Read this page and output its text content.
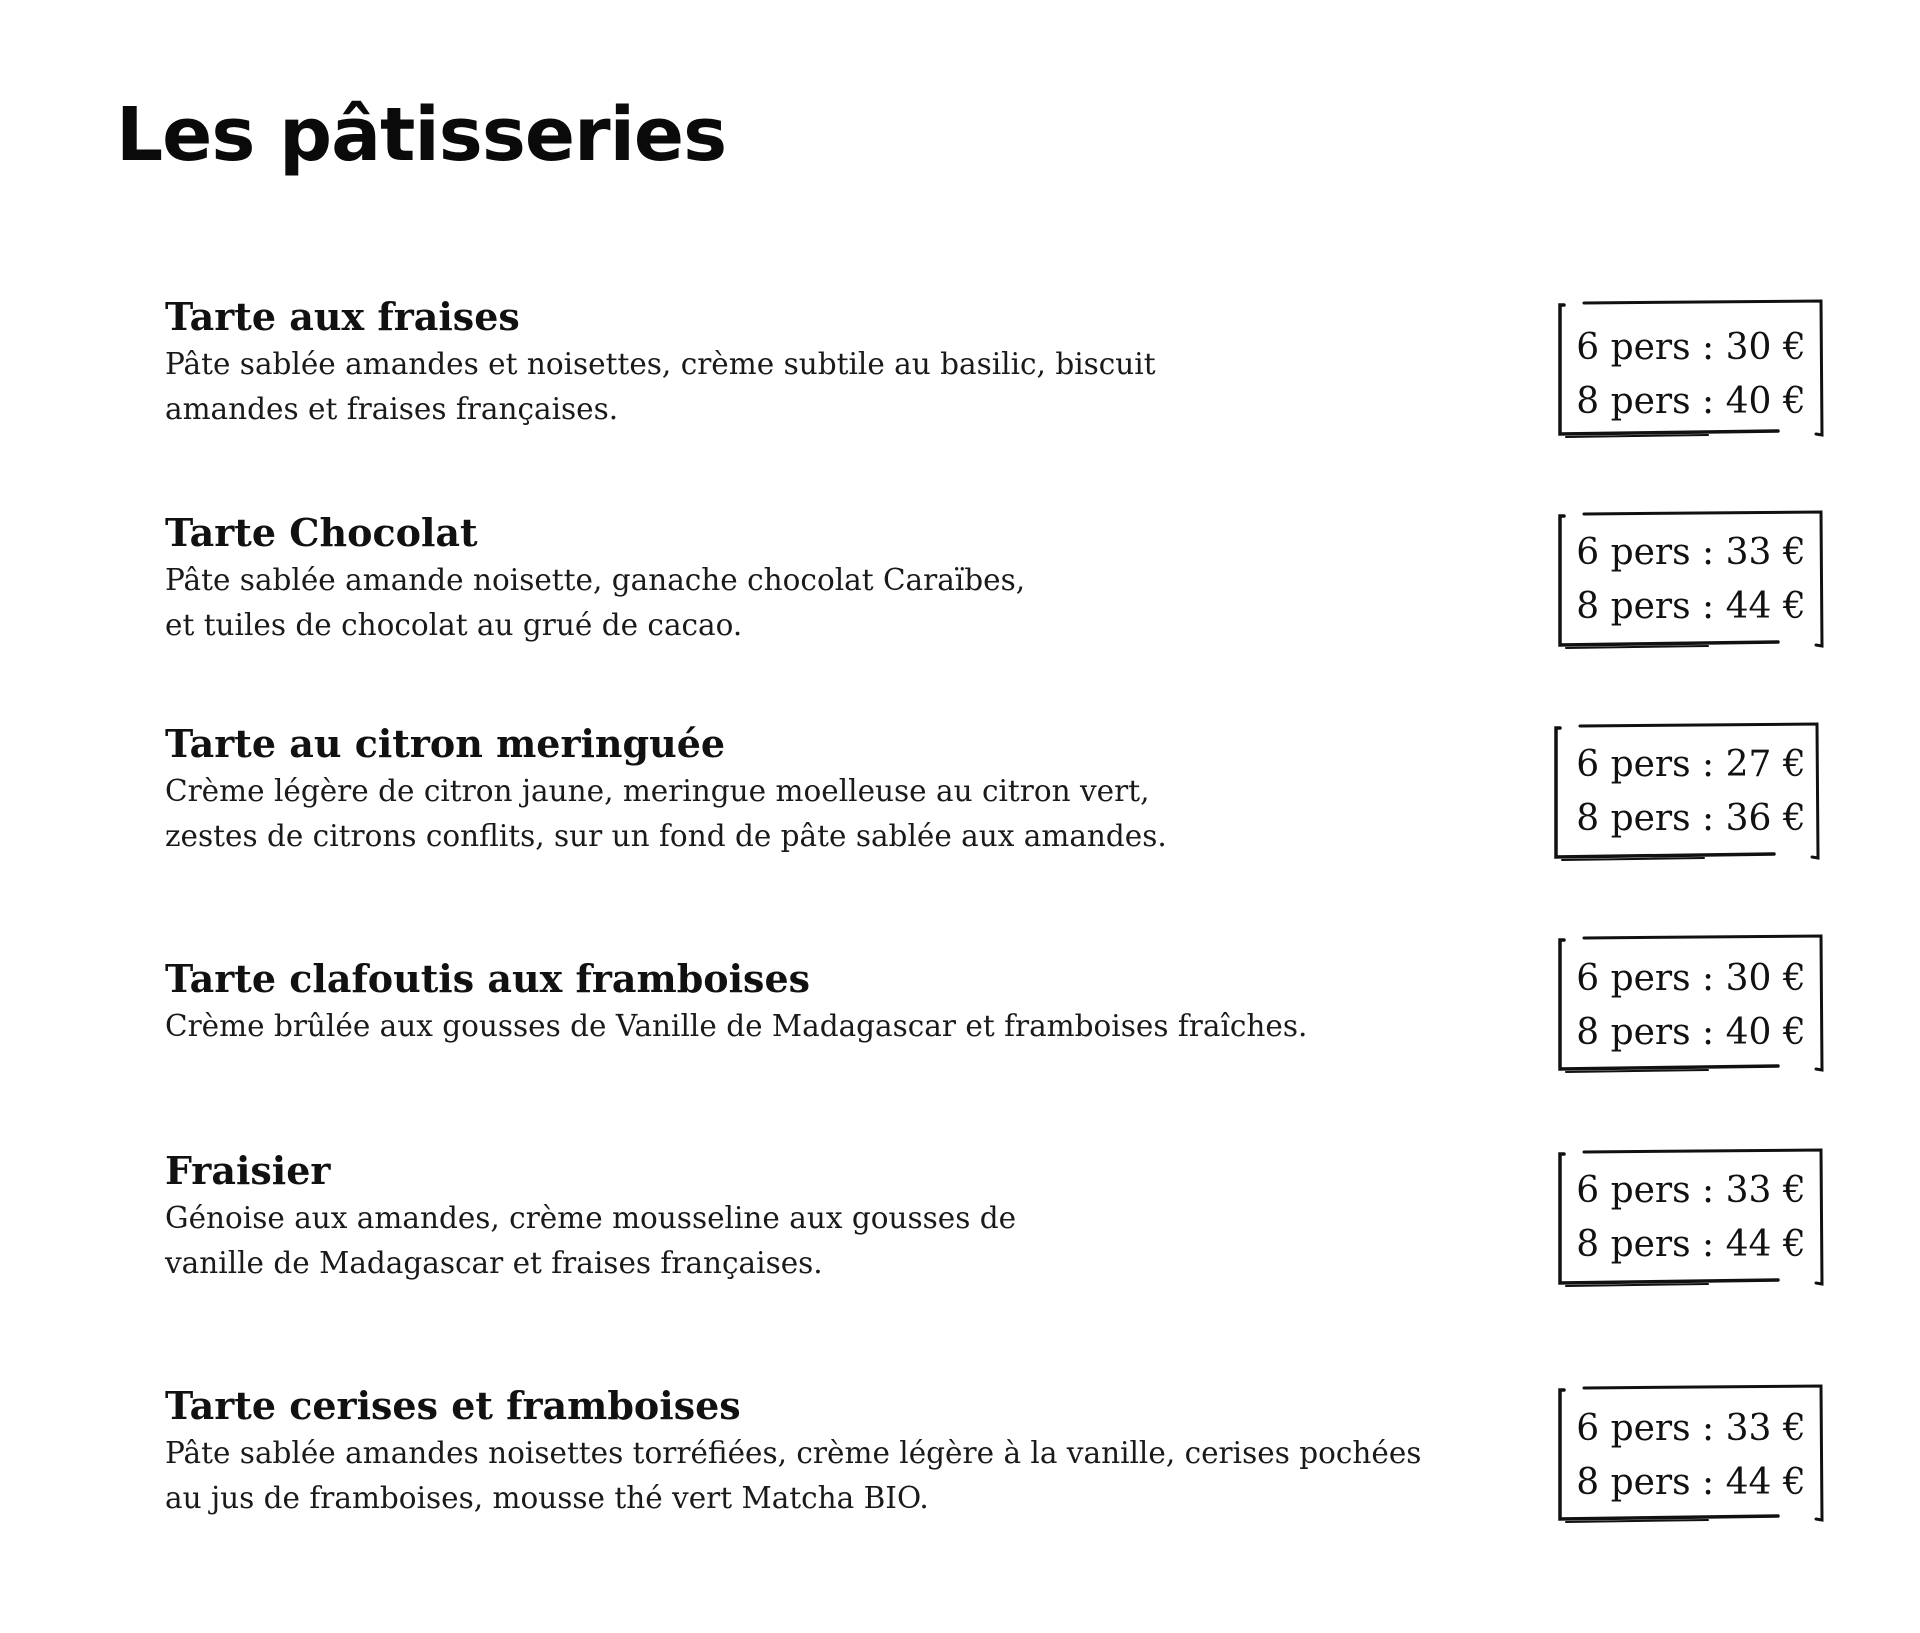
Les pâtisseries
Tarte aux fraises

Pâte sablée amandes et noisettes, crème subtile au basilic, biscuit
amandes et fraises françaises.

6 pers : 30 €
8 pers : 40 €
Tarte Chocolat

Pâte sablée amande noisette, ganache chocolat Caraïbes,
et tuiles de chocolat au grué de cacao.

6 pers : 33 €
8 pers : 44 €
Tarte au citron meringuée

Crème légère de citron jaune, meringue moelleuse au citron vert,
zestes de citrons conflits, sur un fond de pâte sablée aux amandes.

6 pers : 27 €
8 pers : 36 €
Tarte clafoutis aux framboises

Crème brûlée aux gousses de Vanille de Madagascar et framboises fraîches.

6 pers : 30 €
8 pers : 40 €
Fraisier

Génoise aux amandes, crème mousseline aux gousses de
vanille de Madagascar et fraises françaises.

6 pers : 33 €
8 pers : 44 €
Tarte cerises et framboises

Pâte sablée amandes noisettes torréfiées, crème légère à la vanille, cerises pochées
au jus de framboises, mousse thé vert Matcha BIO.

6 pers : 33 €
8 pers : 44 €
